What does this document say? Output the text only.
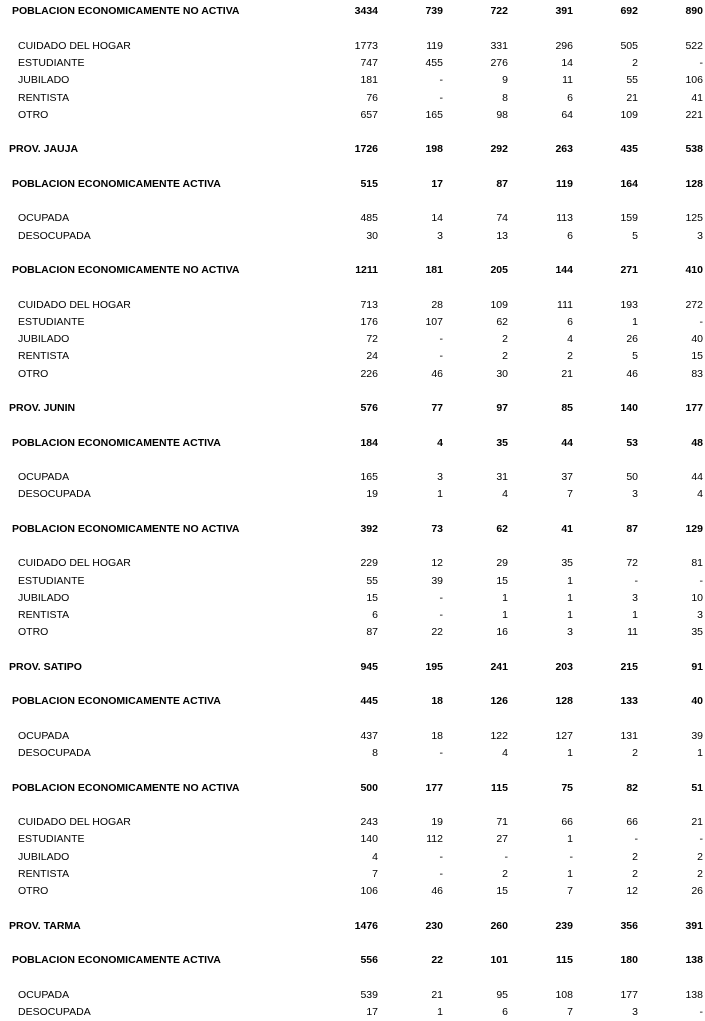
POBLACION ECONOMICAMENTE NO ACTIVA	3434	739	722	391	692	890
CUIDADO DEL HOGAR	1773	119	331	296	505	522
ESTUDIANTE	747	455	276	14	2	-
JUBILADO	181	-	9	11	55	106
RENTISTA	76	-	8	6	21	41
OTRO	657	165	98	64	109	221
PROV. JAUJA	1726	198	292	263	435	538
POBLACION ECONOMICAMENTE ACTIVA	515	17	87	119	164	128
OCUPADA	485	14	74	113	159	125
DESOCUPADA	30	3	13	6	5	3
POBLACION ECONOMICAMENTE NO ACTIVA	1211	181	205	144	271	410
CUIDADO DEL HOGAR	713	28	109	111	193	272
ESTUDIANTE	176	107	62	6	1	-
JUBILADO	72	-	2	4	26	40
RENTISTA	24	-	2	2	5	15
OTRO	226	46	30	21	46	83
PROV. JUNIN	576	77	97	85	140	177
POBLACION ECONOMICAMENTE ACTIVA	184	4	35	44	53	48
OCUPADA	165	3	31	37	50	44
DESOCUPADA	19	1	4	7	3	4
POBLACION ECONOMICAMENTE NO ACTIVA	392	73	62	41	87	129
CUIDADO DEL HOGAR	229	12	29	35	72	81
ESTUDIANTE	55	39	15	1	-	-
JUBILADO	15	-	1	1	3	10
RENTISTA	6	-	1	1	1	3
OTRO	87	22	16	3	11	35
PROV. SATIPO	945	195	241	203	215	91
POBLACION ECONOMICAMENTE ACTIVA	445	18	126	128	133	40
OCUPADA	437	18	122	127	131	39
DESOCUPADA	8	-	4	1	2	1
POBLACION ECONOMICAMENTE NO ACTIVA	500	177	115	75	82	51
CUIDADO DEL HOGAR	243	19	71	66	66	21
ESTUDIANTE	140	112	27	1	-	-
JUBILADO	4	-	-	-	2	2
RENTISTA	7	-	2	1	2	2
OTRO	106	46	15	7	12	26
PROV. TARMA	1476	230	260	239	356	391
POBLACION ECONOMICAMENTE ACTIVA	556	22	101	115	180	138
OCUPADA	539	21	95	108	177	138
DESOCUPADA	17	1	6	7	3	-
